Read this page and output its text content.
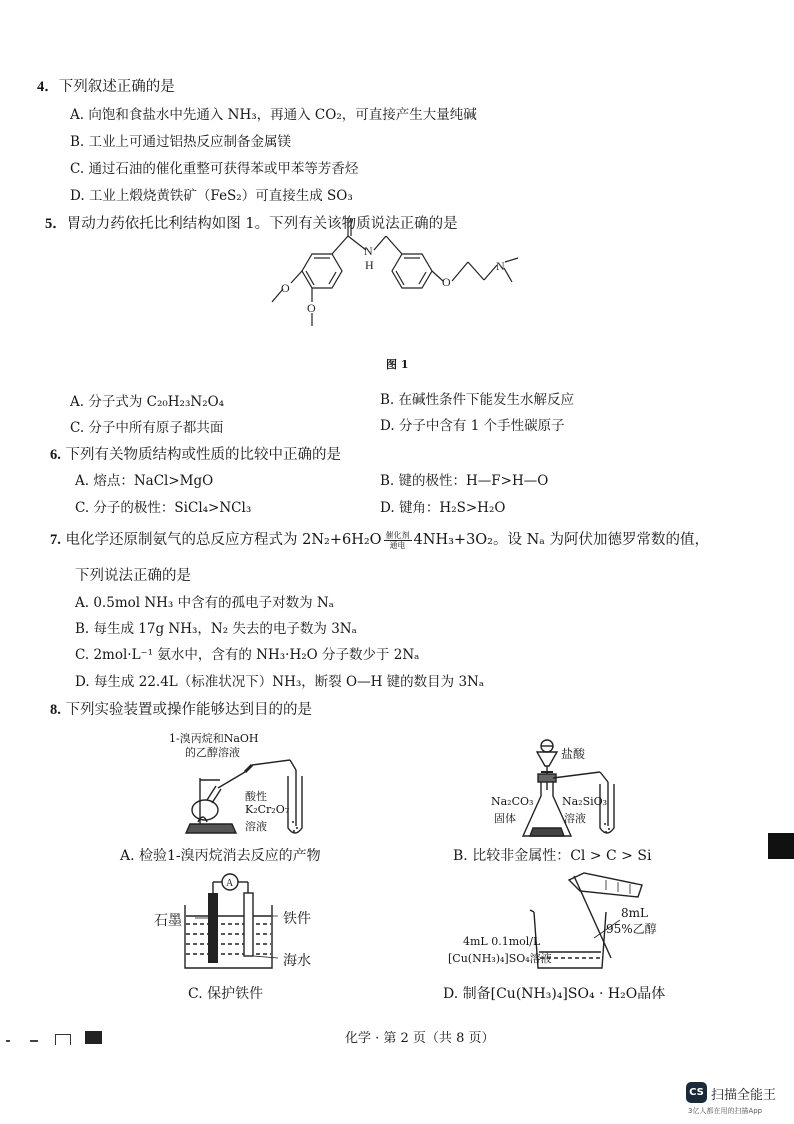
4．下列叙述正确的是
A. 向饱和食盐水中先通入 NH₃，再通入 CO₂，可直接产生大量纯碱
B. 工业上可通过铝热反应制备金属镁
C. 通过石油的催化重整可获得苯或甲苯等芳香烃
D. 工业上煅烧黄铁矿（FeS₂）可直接生成 SO₃
5．胃动力药依托比利结构如图 1。下列有关该物质说法正确的是
N
H
O
N
O
O
图 1
A. 分子式为 C₂₀H₂₃N₂O₄	B. 在碱性条件下能发生水解反应
C. 分子中所有原子都共面	D. 分子中含有 1 个手性碳原子
6. 下列有关物质结构或性质的比较中正确的是
A. 熔点：NaCl>MgO	B. 键的极性：H—F>H—O
C. 分子的极性：SiCl₄>NCl₃	D. 键角：H₂S>H₂O
7. 电化学还原制氨气的总反应方程式为 $2N_2+6H_2O \frac{\text{催化剂}}{\text{通电}} 4NH_3+3O_2$。设 Nₐ 为阿伏加德罗常数的值，
下列说法正确的是
A. 0.5mol NH₃ 中含有的孤电子对数为 Nₐ
B. 每生成 17g NH₃，N₂ 失去的电子数为 3Nₐ
C. 2mol·L⁻¹ 氨水中，含有的 NH₃·H₂O 分子数少于 2Nₐ
D. 每生成 22.4L（标准状况下）NH₃，断裂 O—H 键的数目为 3Nₐ
8. 下列实验装置或操作能够达到目的的是
1-溴丙烷和NaOH
的乙醇溶液
酸性
K₂Cr₂O₇
溶液
A. 检验1-溴丙烷消去反应的产物
盐酸
Na₂CO₃
固体
Na₂SiO₃
溶液
B. 比较非金属性：Cl > C > Si
A
石墨	铁件
海水
C. 保护铁件
8mL
95%乙醇
4mL 0.1mol/L
[Cu(NH₃)₄]SO₄溶液
D. 制备[Cu(NH₃)₄]SO₄ · H₂O晶体
化学 · 第 2 页（共 8 页）
CS 扫描全能王
3亿人都在用的扫描App
